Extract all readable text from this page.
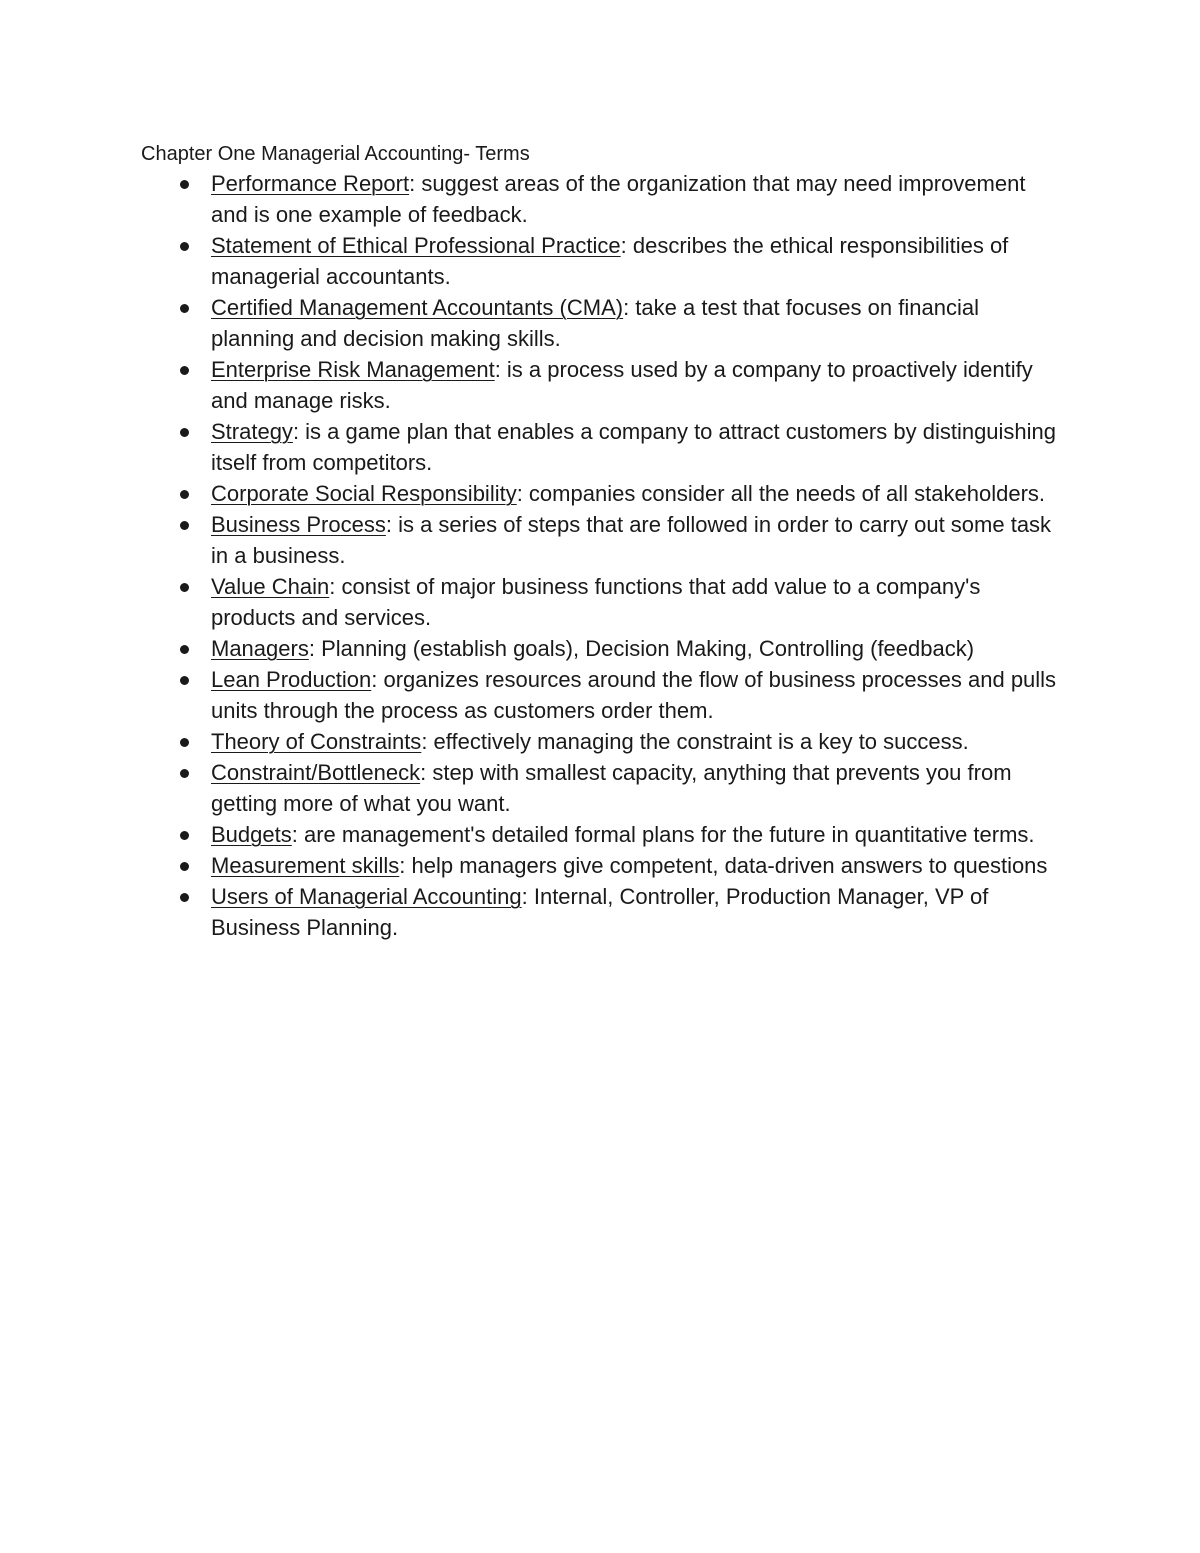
Chapter One Managerial Accounting- Terms
Performance Report: suggest areas of the organization that may need improvement and is one example of feedback.
Statement of Ethical Professional Practice: describes the ethical responsibilities of managerial accountants.
Certified Management Accountants (CMA): take a test that focuses on financial planning and decision making skills.
Enterprise Risk Management: is a process used by a company to proactively identify and manage risks.
Strategy: is a game plan that enables a company to attract customers by distinguishing itself from competitors.
Corporate Social Responsibility: companies consider all the needs of all stakeholders.
Business Process: is a series of steps that are followed in order to carry out some task in a business.
Value Chain: consist of major business functions that add value to a company's products and services.
Managers: Planning (establish goals), Decision Making, Controlling (feedback)
Lean Production: organizes resources around the flow of business processes and pulls units through the process as customers order them.
Theory of Constraints: effectively managing the constraint is a key to success.
Constraint/Bottleneck: step with smallest capacity, anything that prevents you from getting more of what you want.
Budgets: are management's detailed formal plans for the future in quantitative terms.
Measurement skills: help managers give competent, data-driven answers to questions
Users of Managerial Accounting: Internal, Controller, Production Manager, VP of Business Planning.
